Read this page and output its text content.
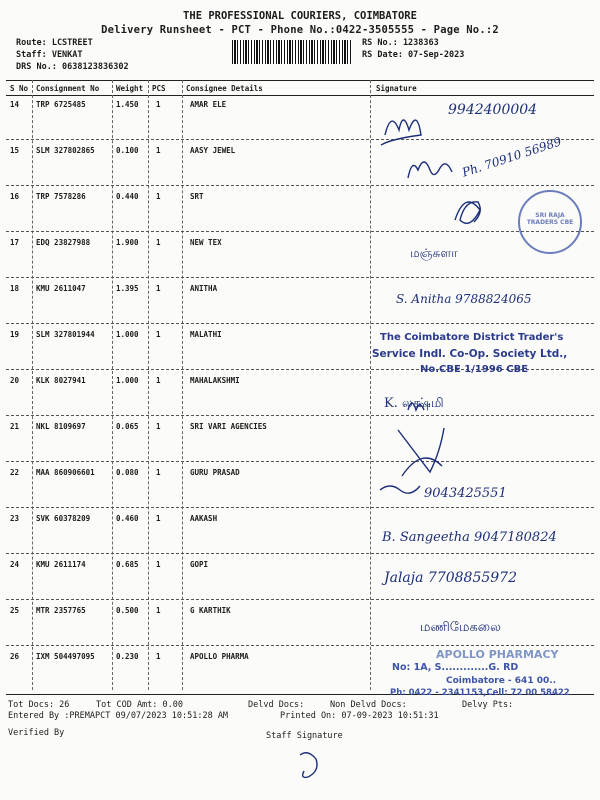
THE PROFESSIONAL COURIERS, COIMBATORE
Delivery Runsheet - PCT - Phone No.:0422-3505555 - Page No.:2
Route: LCSTREET
Staff: VENKAT
DRS No.: 0638123836302
RS No.: 1238363
RS Date: 07-Sep-2023
S No Consignment No Weight PCS	Consignee Details	Signature
14 TRP 6725485	1.450 1	AMAR ELE
15 SLM 327802865	0.100 1	AASY JEWEL
16 TRP 7578286	0.440 1	SRT
17 EDQ 23827988	1.900 1	NEW TEX
18 KMU 2611047	1.395 1	ANITHA
19 SLM 327801944	1.000 1	MALATHI
20 KLK 8027941	1.000 1	MAHALAKSHMI
21 NKL 8109697	0.065 1	SRI VARI AGENCIES
22 MAA 860906601	0.080 1	GURU PRASAD
23 SVK 60378209	0.460 1	AAKASH
24 KMU 2611174	0.685 1	GOPI
25 MTR 2357765	0.500 1	G KARTHIK
26 IXM 504497095	0.230 1	APOLLO PHARMA
9942400004
Ph. 70910 56989
மஞ்சுளா
S. Anitha 9788824065
K. லக்ஷ்மி
9043425551
B. Sangeetha 9047180824
Jalaja 7708855972
மணிமேகலை
SRI RAJA TRADERS CBE
The Coimbatore District Trader's
Service Indl. Co-Op. Society Ltd.,
No.CBE 1/1996 CBE
APOLLO PHARMACY
No: 1A, S.............G. RD
Coimbatore - 641 00..
Ph: 0422 - 2341153,Cell: 72 00 58422
Tot Docs: 26	Tot COD Amt: 0.00	Delvd Docs:	Non Delvd Docs:	Delvy Pts:
Entered By :PREMAPCT 09/07/2023 10:51:28 AM	Printed On: 07-09-2023 10:51:31
Verified By	Staff Signature
